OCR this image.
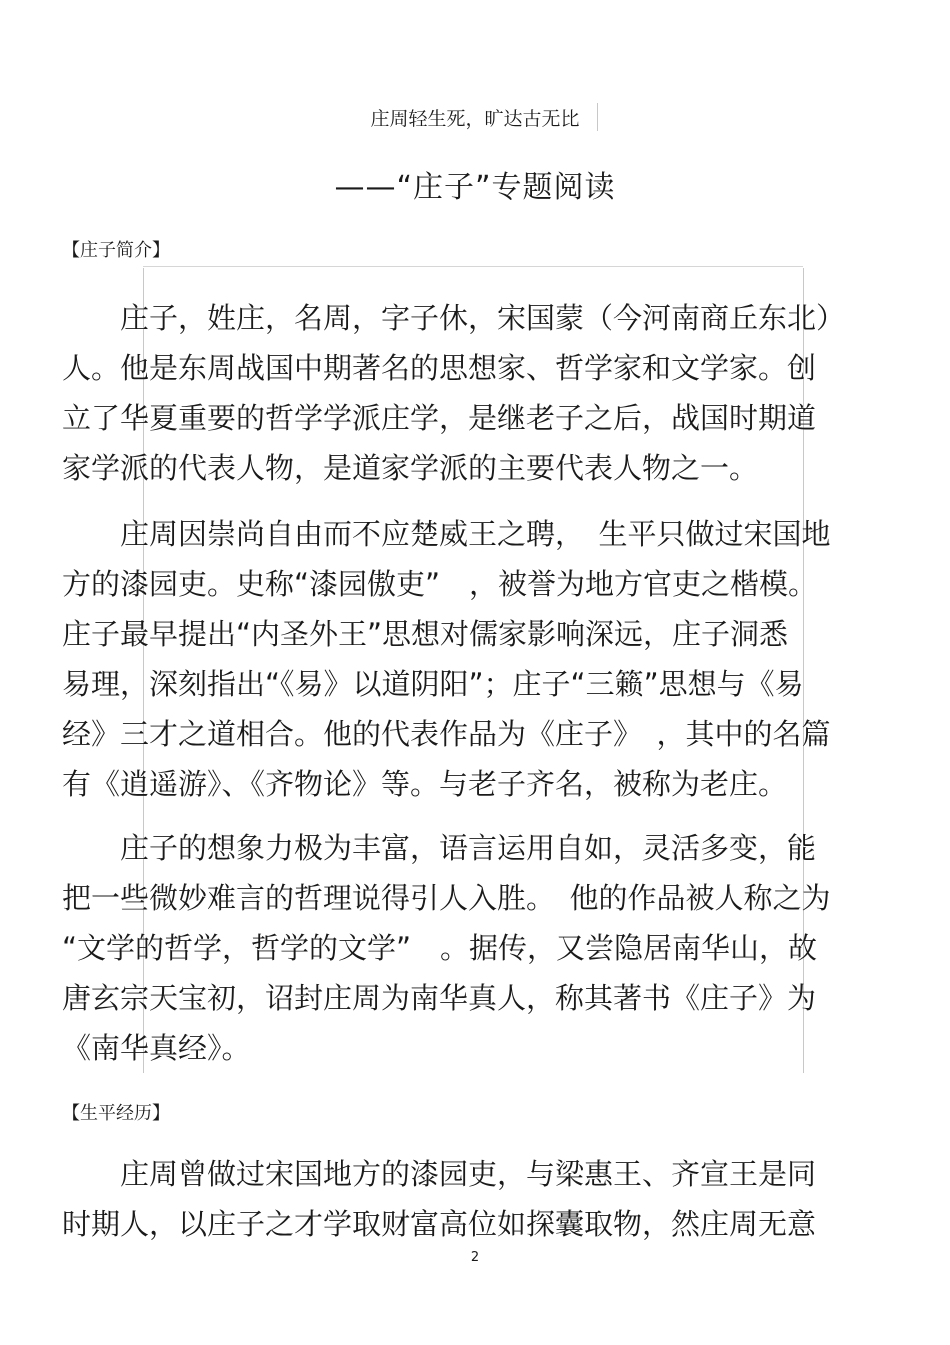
庄周轻生死，旷达古无比
——“庄子”专题阅读
【庄子简介】
　　庄子，姓庄，名周，字子休，宋国蒙（今河南商丘东北）
人。他是东周战国中期著名的思想家、哲学家和文学家。创
立了华夏重要的哲学学派庄学，是继老子之后，战国时期道
家学派的代表人物，是道家学派的主要代表人物之一。
　　庄周因崇尚自由而不应楚威王之聘，　生平只做过宋国地
方的漆园吏。史称“漆园傲吏”　，被誉为地方官吏之楷模。
庄子最早提出“内圣外王”思想对儒家影响深远，庄子洞悉
易理，深刻指出“《易》以道阴阳”；庄子“三籁”思想与《易
经》三才之道相合。他的代表作品为《庄子》　，其中的名篇
有《逍遥游》、《齐物论》等。与老子齐名，被称为老庄。
　　庄子的想象力极为丰富，语言运用自如，灵活多变，能
把一些微妙难言的哲理说得引人入胜。　他的作品被人称之为
“文学的哲学，哲学的文学”　。据传，又尝隐居南华山，故
唐玄宗天宝初，诏封庄周为南华真人，称其著书《庄子》为
《南华真经》。
【生平经历】
　　庄周曾做过宋国地方的漆园吏，与梁惠王、齐宣王是同
时期人，以庄子之才学取财富高位如探囊取物，然庄周无意
2
